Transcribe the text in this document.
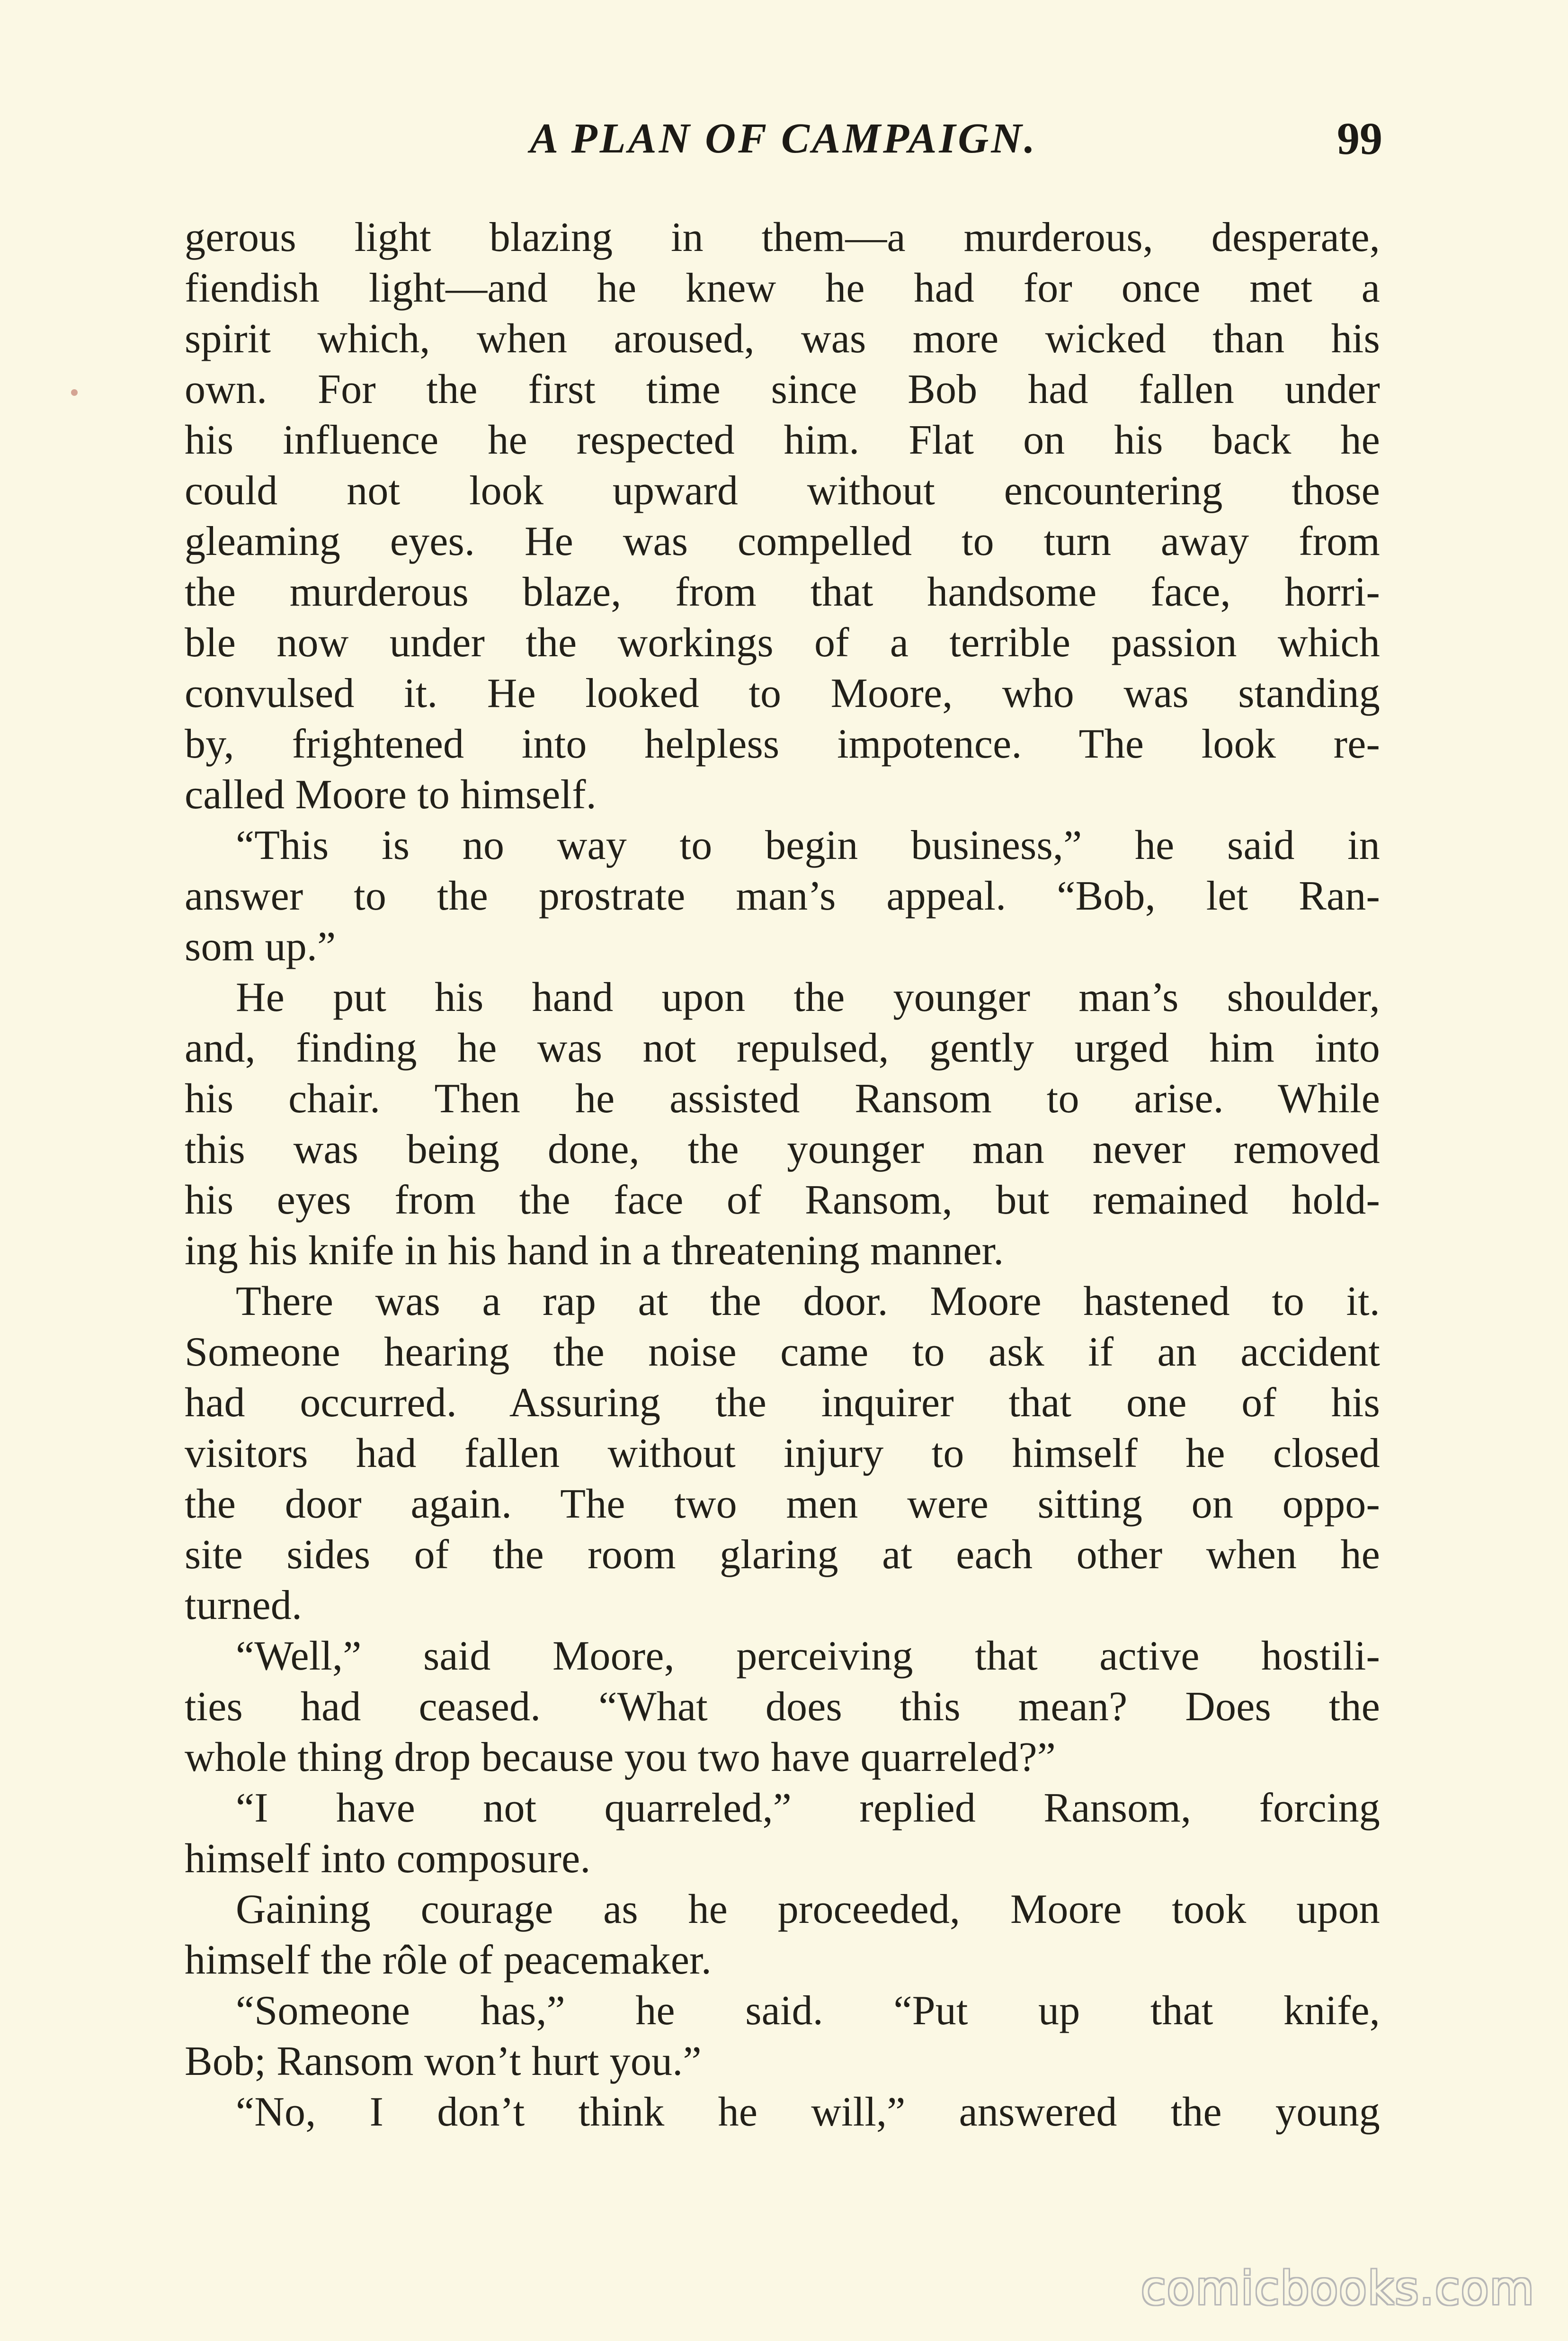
A PLAN OF CAMPAIGN.	99
gerous light blazing in them—a murderous, desperate,
fiendish light—and he knew he had for once met a
spirit which, when aroused, was more wicked than his
own. For the first time since Bob had fallen under
his influence he respected him. Flat on his back he
could not look upward without encountering those
gleaming eyes. He was compelled to turn away from
the murderous blaze, from that handsome face, horri-
ble now under the workings of a terrible passion which
convulsed it. He looked to Moore, who was standing
by, frightened into helpless impotence. The look re-
called Moore to himself.
“This is no way to begin business,” he said in
answer to the prostrate man’s appeal. “Bob, let Ran-
som up.”
He put his hand upon the younger man’s shoulder,
and, finding he was not repulsed, gently urged him into
his chair. Then he assisted Ransom to arise. While
this was being done, the younger man never removed
his eyes from the face of Ransom, but remained hold-
ing his knife in his hand in a threatening manner.
There was a rap at the door. Moore hastened to it.
Someone hearing the noise came to ask if an accident
had occurred. Assuring the inquirer that one of his
visitors had fallen without injury to himself he closed
the door again. The two men were sitting on oppo-
site sides of the room glaring at each other when he
turned.
“Well,” said Moore, perceiving that active hostili-
ties had ceased. “What does this mean? Does the
whole thing drop because you two have quarreled?”
“I have not quarreled,” replied Ransom, forcing
himself into composure.
Gaining courage as he proceeded, Moore took upon
himself the rôle of peacemaker.
“Someone has,” he said. “Put up that knife,
Bob; Ransom won’t hurt you.”
“No, I don’t think he will,” answered the young
comicbooks.com
